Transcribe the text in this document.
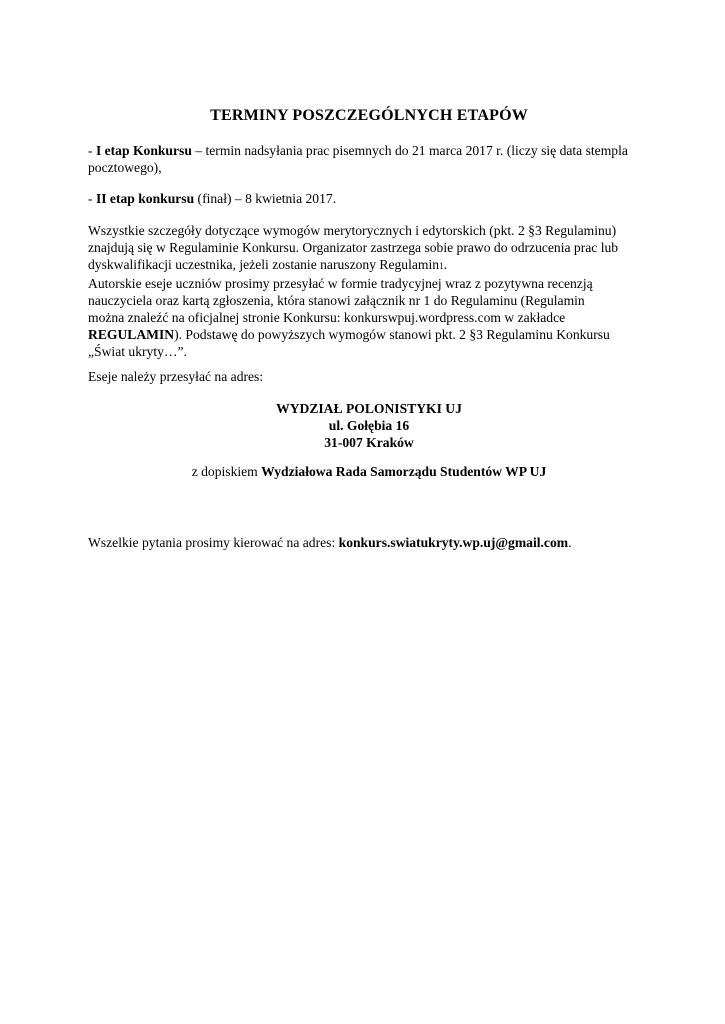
TERMINY POSZCZEGÓLNYCH ETAPÓW

- I etap Konkursu – termin nadsyłania prac pisemnych do 21 marca 2017 r. (liczy się data stempla pocztowego),

- II etap konkursu (finał) – 8 kwietnia 2017.

Wszystkie szczegóły dotyczące wymogów merytorycznych i edytorskich (pkt. 2 §3 Regulaminu)
znajdują się w Regulaminie Konkursu. Organizator zastrzega sobie prawo do odrzucenia prac lub
dyskwalifikacji uczestnika, jeżeli zostanie naruszony Regulamin1.

Autorskie eseje uczniów prosimy przesyłać w formie tradycyjnej wraz z pozytywna recenzją
nauczyciela oraz kartą zgłoszenia, która stanowi załącznik nr 1 do Regulaminu (Regulamin
można znaleźć na oficjalnej stronie Konkursu: konkurswpuj.wordpress.com w zakładce
REGULAMIN). Podstawę do powyższych wymogów stanowi pkt. 2 §3 Regulaminu Konkursu
„Świat ukryty…”.

Eseje należy przesyłać na adres:

WYDZIAŁ POLONISTYKI UJ
ul. Gołębia 16
31-007 Kraków

z dopiskiem Wydziałowa Rada Samorządu Studentów WP UJ

Wszelkie pytania prosimy kierować na adres: konkurs.swiatukryty.wp.uj@gmail.com.
